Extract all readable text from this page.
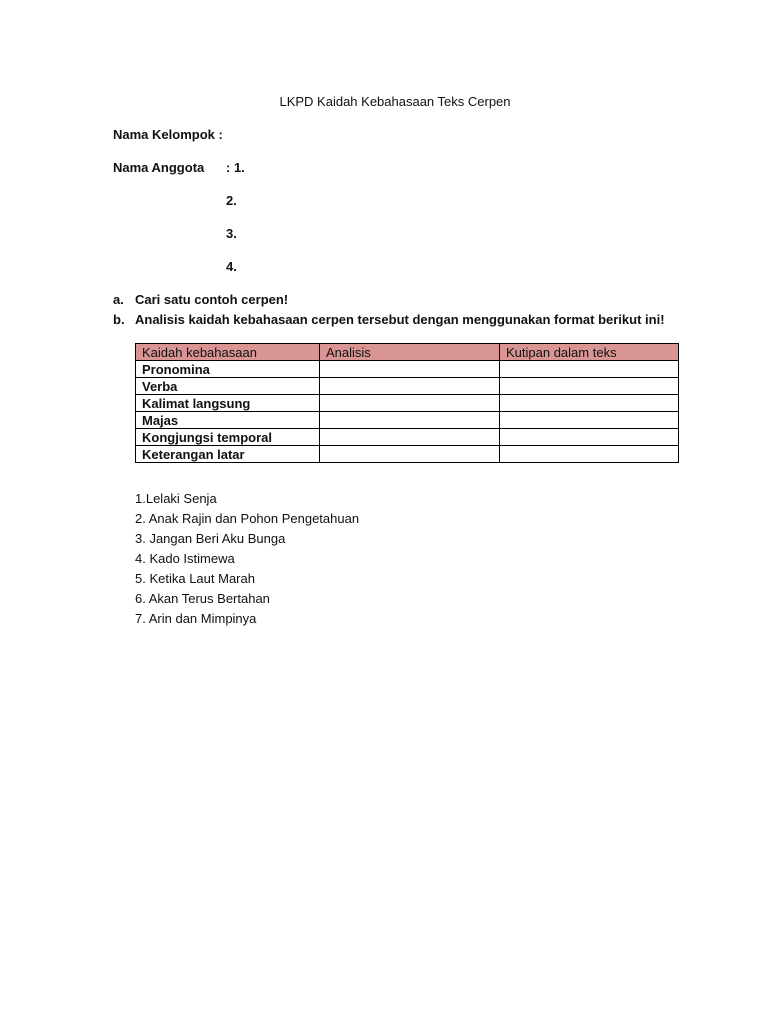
LKPD Kaidah Kebahasaan Teks Cerpen
Nama Kelompok :
Nama Anggota : 1.
2.
3.
4.
a. Cari satu contoh cerpen!
b. Analisis kaidah kebahasaan cerpen tersebut dengan menggunakan format berikut ini!
Kaidah kebahasaan	Analisis	Kutipan dalam teks
Pronomina		
Verba		
Kalimat langsung		
Majas		
Kongjungsi temporal		
Keterangan latar		
1.Lelaki Senja
2. Anak Rajin dan Pohon Pengetahuan
3. Jangan Beri Aku Bunga
4. Kado Istimewa
5. Ketika Laut Marah
6. Akan Terus Bertahan
7. Arin dan Mimpinya
